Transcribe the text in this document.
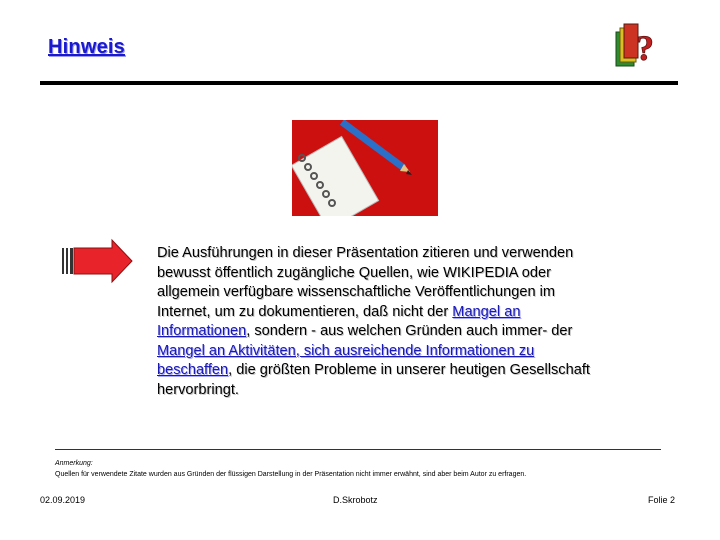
Hinweis	?
Die Ausführungen in dieser Präsentation zitieren und verwenden bewusst öffentlich zugängliche Quellen, wie WIKIPEDIA oder allgemein verfügbare wissenschaftliche Veröffentlichungen im Internet, um zu dokumentieren, daß nicht der Mangel an Informationen, sondern - aus welchen Gründen auch immer- der Mangel an Aktivitäten, sich ausreichende Informationen zu beschaffen, die größten Probleme in unserer heutigen Gesellschaft hervorbringt.
Anmerkung:
Quellen für verwendete Zitate wurden aus Gründen der flüssigen Darstellung in der Präsentation nicht immer erwähnt, sind aber beim Autor zu erfragen.
02.09.2019	D.Skrobotz	Folie 2
